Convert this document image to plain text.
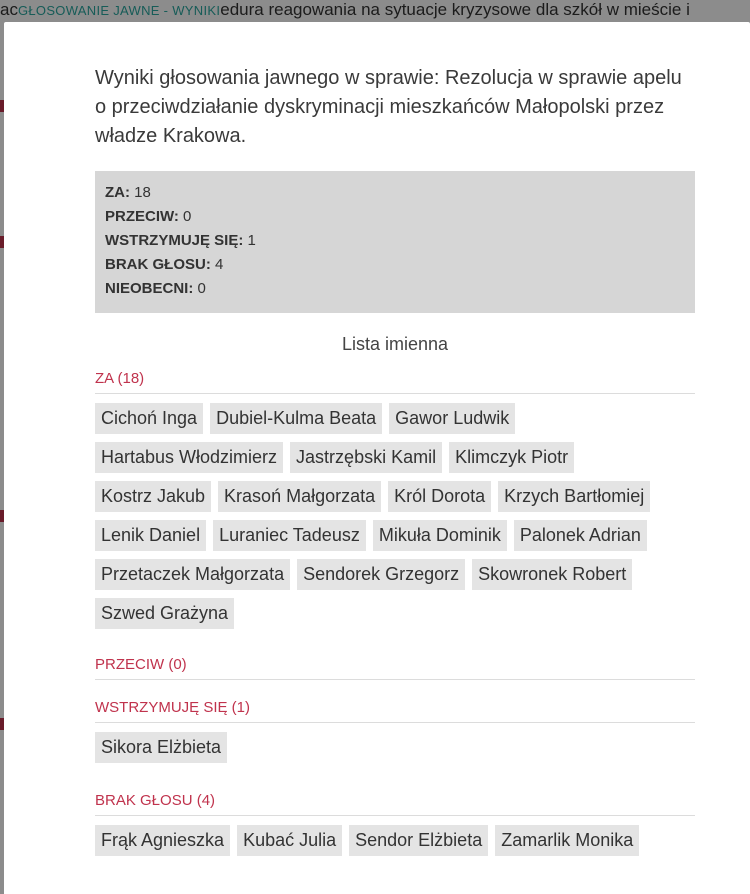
acGŁOSOWANIE JAWNE - WYNIKIedura reagowania na sytuacje kryzysowe dla szkół w mieście i
Wyniki głosowania jawnego w sprawie: Rezolucja w sprawie apelu o przeciwdziałanie dyskryminacji mieszkańców Małopolski przez władze Krakowa.
ZA: 18
PRZECIW: 0
WSTRZYMUJĘ SIĘ: 1
BRAK GŁOSU: 4
NIEOBECNI: 0
Lista imienna
ZA (18)
Cichoń Inga	Dubiel-Kulma Beata	Gawor Ludwik
Hartabus Włodzimierz	Jastrzębski Kamil	Klimczyk Piotr
Kostrz Jakub	Krasoń Małgorzata	Król Dorota	Krzych Bartłomiej
Lenik Daniel	Luraniec Tadeusz	Mikuła Dominik	Palonek Adrian
Przetaczek Małgorzata	Sendorek Grzegorz	Skowronek Robert
Szwed Grażyna
PRZECIW (0)
WSTRZYMUJĘ SIĘ (1)
Sikora Elżbieta
BRAK GŁOSU (4)
Frąk Agnieszka	Kubać Julia	Sendor Elżbieta	Zamarlik Monika
